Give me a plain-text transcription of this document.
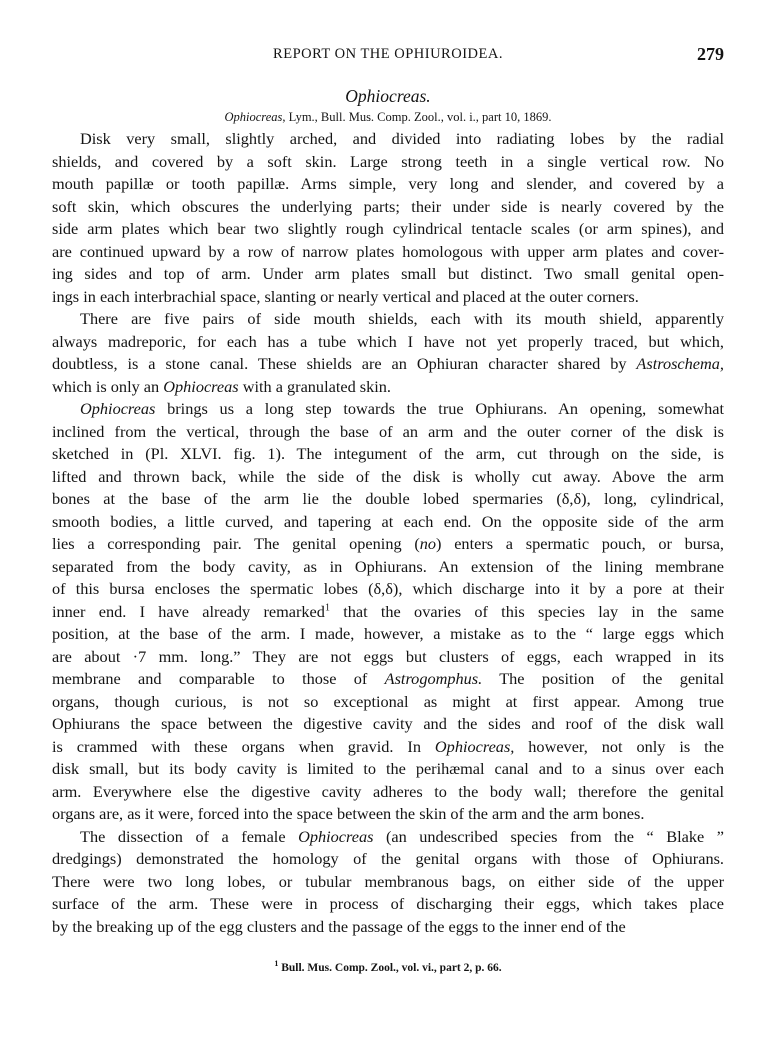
REPORT ON THE OPHIUROIDEA.	279
Ophiocreas.
Ophiocreas, Lym., Bull. Mus. Comp. Zool., vol. i., part 10, 1869.
Disk very small, slightly arched, and divided into radiating lobes by the radial
shields, and covered by a soft skin. Large strong teeth in a single vertical row. No
mouth papillæ or tooth papillæ. Arms simple, very long and slender, and covered by a
soft skin, which obscures the underlying parts; their under side is nearly covered by the
side arm plates which bear two slightly rough cylindrical tentacle scales (or arm spines), and
are continued upward by a row of narrow plates homologous with upper arm plates and cover-
ing sides and top of arm. Under arm plates small but distinct. Two small genital open-
ings in each interbrachial space, slanting or nearly vertical and placed at the outer corners.
There are five pairs of side mouth shields, each with its mouth shield, apparently
always madreporic, for each has a tube which I have not yet properly traced, but which,
doubtless, is a stone canal. These shields are an Ophiuran character shared by Astroschema,
which is only an Ophiocreas with a granulated skin.
Ophiocreas brings us a long step towards the true Ophiurans. An opening, somewhat
inclined from the vertical, through the base of an arm and the outer corner of the disk is
sketched in (Pl. XLVI. fig. 1). The integument of the arm, cut through on the side, is
lifted and thrown back, while the side of the disk is wholly cut away. Above the arm
bones at the base of the arm lie the double lobed spermaries (δ,δ), long, cylindrical,
smooth bodies, a little curved, and tapering at each end. On the opposite side of the arm
lies a corresponding pair. The genital opening (no) enters a spermatic pouch, or bursa,
separated from the body cavity, as in Ophiurans. An extension of the lining membrane
of this bursa encloses the spermatic lobes (δ,δ), which discharge into it by a pore at their
inner end. I have already remarked$^1$ that the ovaries of this species lay in the same
position, at the base of the arm. I made, however, a mistake as to the “ large eggs which
are about ·7 mm. long.” They are not eggs but clusters of eggs, each wrapped in its
membrane and comparable to those of Astrogomphus. The position of the genital
organs, though curious, is not so exceptional as might at first appear. Among true
Ophiurans the space between the digestive cavity and the sides and roof of the disk wall
is crammed with these organs when gravid. In Ophiocreas, however, not only is the
disk small, but its body cavity is limited to the perihæmal canal and to a sinus over each
arm. Everywhere else the digestive cavity adheres to the body wall; therefore the genital
organs are, as it were, forced into the space between the skin of the arm and the arm bones.
The dissection of a female Ophiocreas (an undescribed species from the “ Blake ”
dredgings) demonstrated the homology of the genital organs with those of Ophiurans.
There were two long lobes, or tubular membranous bags, on either side of the upper
surface of the arm. These were in process of discharging their eggs, which takes place
by the breaking up of the egg clusters and the passage of the eggs to the inner end of the
$^1$ Bull. Mus. Comp. Zool., vol. vi., part 2, p. 66.
